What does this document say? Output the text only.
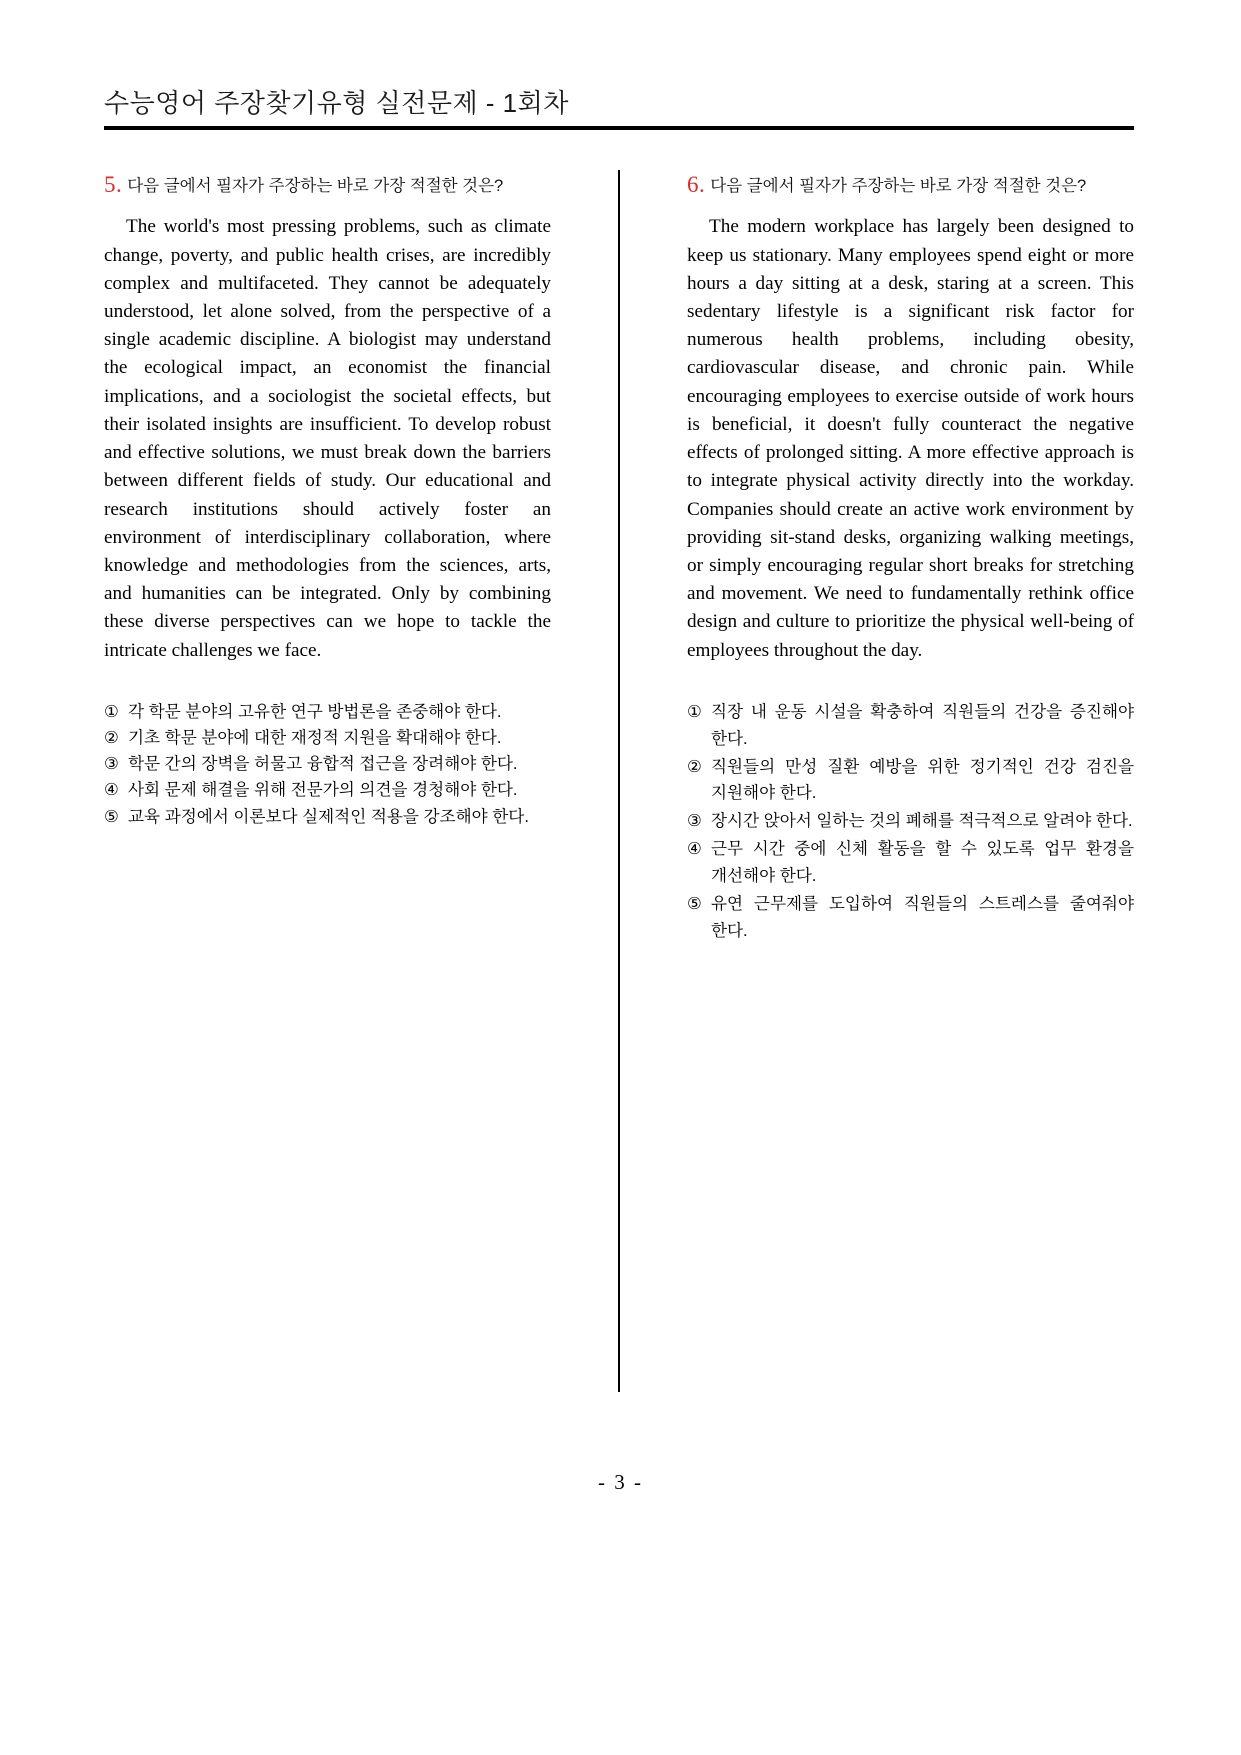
수능영어 주장찾기유형 실전문제 - 1회차
5. 다음 글에서 필자가 주장하는 바로 가장 적절한 것은?

The world's most pressing problems, such as climate change, poverty, and public health crises, are incredibly complex and multifaceted. They cannot be adequately understood, let alone solved, from the perspective of a single academic discipline. A biologist may understand the ecological impact, an economist the financial implications, and a sociologist the societal effects, but their isolated insights are insufficient. To develop robust and effective solutions, we must break down the barriers between different fields of study. Our educational and research institutions should actively foster an environment of interdisciplinary collaboration, where knowledge and methodologies from the sciences, arts, and humanities can be integrated. Only by combining these diverse perspectives can we hope to tackle the intricate challenges we face.

① 각 학문 분야의 고유한 연구 방법론을 존중해야 한다.
② 기초 학문 분야에 대한 재정적 지원을 확대해야 한다.
③ 학문 간의 장벽을 허물고 융합적 접근을 장려해야 한다.
④ 사회 문제 해결을 위해 전문가의 의견을 경청해야 한다.
⑤ 교육 과정에서 이론보다 실제적인 적용을 강조해야 한다.
6. 다음 글에서 필자가 주장하는 바로 가장 적절한 것은?

The modern workplace has largely been designed to keep us stationary. Many employees spend eight or more hours a day sitting at a desk, staring at a screen. This sedentary lifestyle is a significant risk factor for numerous health problems, including obesity, cardiovascular disease, and chronic pain. While encouraging employees to exercise outside of work hours is beneficial, it doesn't fully counteract the negative effects of prolonged sitting. A more effective approach is to integrate physical activity directly into the workday. Companies should create an active work environment by providing sit-stand desks, organizing walking meetings, or simply encouraging regular short breaks for stretching and movement. We need to fundamentally rethink office design and culture to prioritize the physical well-being of employees throughout the day.

① 직장 내 운동 시설을 확충하여 직원들의 건강을 증진해야 한다.
② 직원들의 만성 질환 예방을 위한 정기적인 건강 검진을 지원해야 한다.
③ 장시간 앉아서 일하는 것의 폐해를 적극적으로 알려야 한다.
④ 근무 시간 중에 신체 활동을 할 수 있도록 업무 환경을 개선해야 한다.
⑤ 유연 근무제를 도입하여 직원들의 스트레스를 줄여줘야 한다.
- 3 -
